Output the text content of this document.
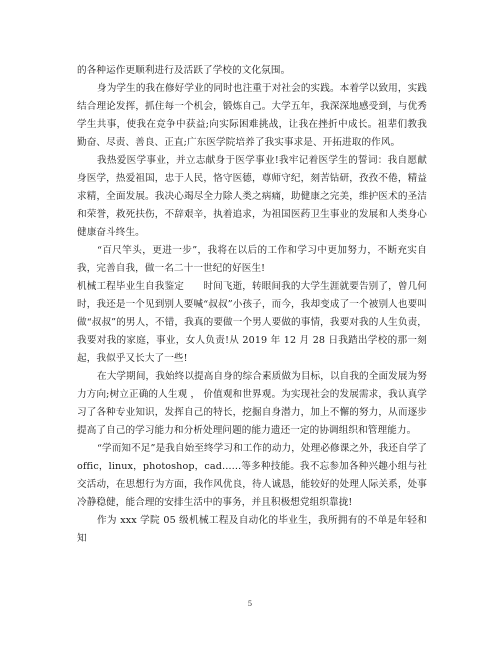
的各种运作更顺利进行及活跃了学校的文化氛围。

身为学生的我在修好学业的同时也注重于对社会的实践。本着学以致用，实践结合理论发挥，抓住每一个机会，锻炼自己。大学五年，我深深地感受到，与优秀学生共事，使我在竞争中获益;向实际困难挑战，让我在挫折中成长。祖辈们教我勤奋、尽责、善良、正直;广东医学院培养了我实事求是、开拓进取的作风。

我热爱医学事业，并立志献身于医学事业!我牢记着医学生的誓词：我自愿献身医学，热爱祖国，忠于人民，恪守医德，尊师守纪，刻苦钻研，孜孜不倦，精益求精，全面发展。我决心竭尽全力除人类之病痛，助健康之完美，维护医术的圣洁和荣誉，救死扶伤，不辞艰辛，执着追求，为祖国医药卫生事业的发展和人类身心健康奋斗终生。

“百尺竿头，更进一步”，我将在以后的工作和学习中更加努力，不断充实自我，完善自我，做一名二十一世纪的好医生!

机械工程毕业生自我鉴定　　时间飞逝，转眼间我的大学生涯就要告别了，曾几何时，我还是一个见到别人要喊“叔叔”小孩子，而今，我却变成了一个被别人也要叫做“叔叔”的男人，不错，我真的要做一个男人要做的事情，我要对我的人生负责，我要对我的家庭，事业，女人负责!从 2019 年 12 月 28 日我踏出学校的那一刻起，我似乎又长大了一些!

在大学期间，我始终以提高自身的综合素质做为目标，以自我的全面发展为努力方向;树立正确的人生观 ， 价值观和世界观。为实现社会的发展需求，我认真学习了各种专业知识，发挥自己的特长，挖掘自身潜力，加上不懈的努力，从而逐步提高了自己的学习能力和分析处理问题的能力遗还一定的协调组织和管理能力。

“学而知不足”是我自始至终学习和工作的动力，处理必修课之外，我还自学了 offic，linux，photoshop，cad……等多种技能。我不忘参加各种兴趣小组与社交活动，在思想行为方面，我作风优良，待人诚恳，能较好的处理人际关系，处事冷静稳健，能合理的安排生活中的事务，并且积极想党组织靠拢!

作为 xxx 学院 05 级机械工程及自动化的毕业生，我所拥有的不单是年轻和知

5
